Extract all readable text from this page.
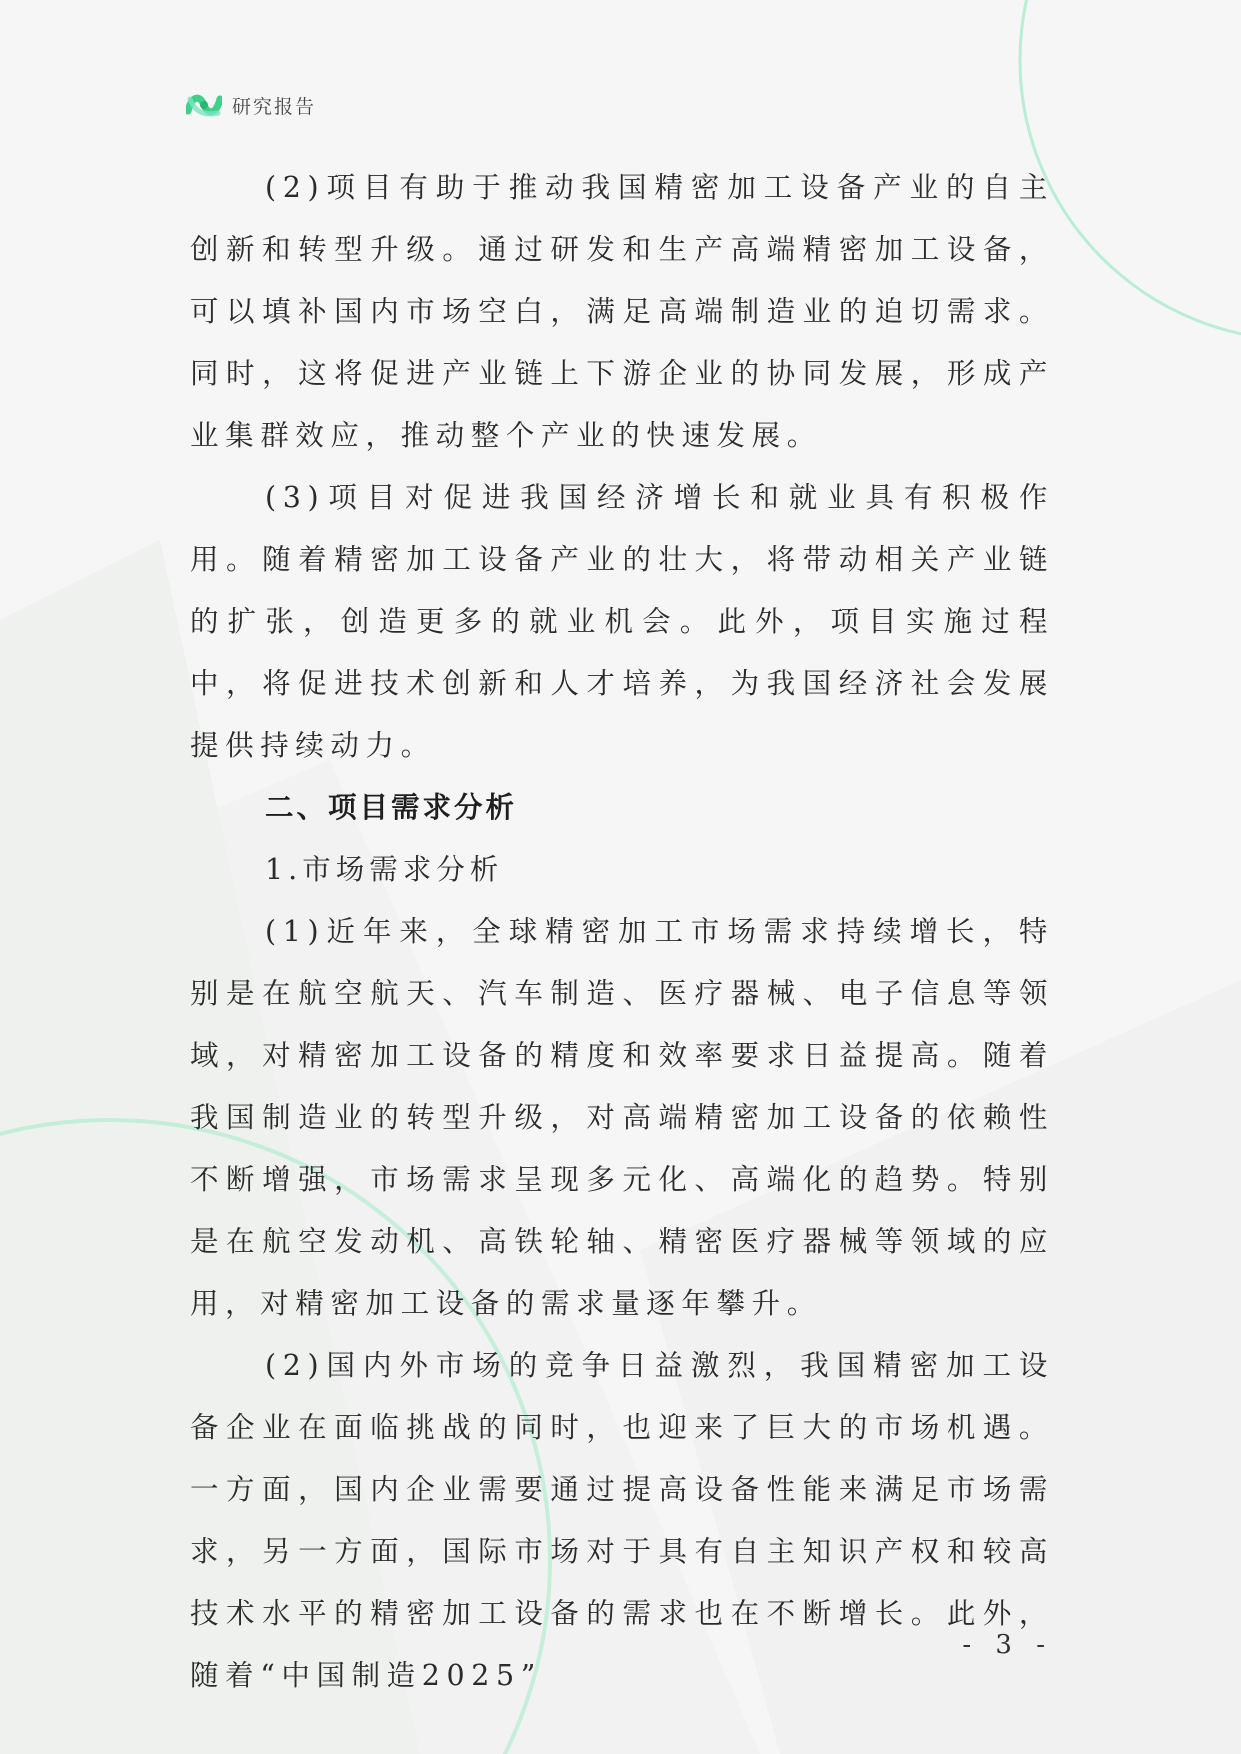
研究报告

(2)项目有助于推动我国精密加工设备产业的自主创新和转型升级。通过研发和生产高端精密加工设备，可以填补国内市场空白，满足高端制造业的迫切需求。同时，这将促进产业链上下游企业的协同发展，形成产业集群效应，推动整个产业的快速发展。

(3)项目对促进我国经济增长和就业具有积极作用。随着精密加工设备产业的壮大，将带动相关产业链的扩张，创造更多的就业机会。此外，项目实施过程中，将促进技术创新和人才培养，为我国经济社会发展提供持续动力。

二、项目需求分析

1.市场需求分析

(1)近年来，全球精密加工市场需求持续增长，特别是在航空航天、汽车制造、医疗器械、电子信息等领域，对精密加工设备的精度和效率要求日益提高。随着我国制造业的转型升级，对高端精密加工设备的依赖性不断增强，市场需求呈现多元化、高端化的趋势。特别是在航空发动机、高铁轮轴、精密医疗器械等领域的应用，对精密加工设备的需求量逐年攀升。

(2)国内外市场的竞争日益激烈，我国精密加工设备企业在面临挑战的同时，也迎来了巨大的市场机遇。一方面，国内企业需要通过提高设备性能来满足市场需求，另一方面，国际市场对于具有自主知识产权和较高技术水平的精密加工设备的需求也在不断增长。此外，随着“中国制造2025”

- 3 -
